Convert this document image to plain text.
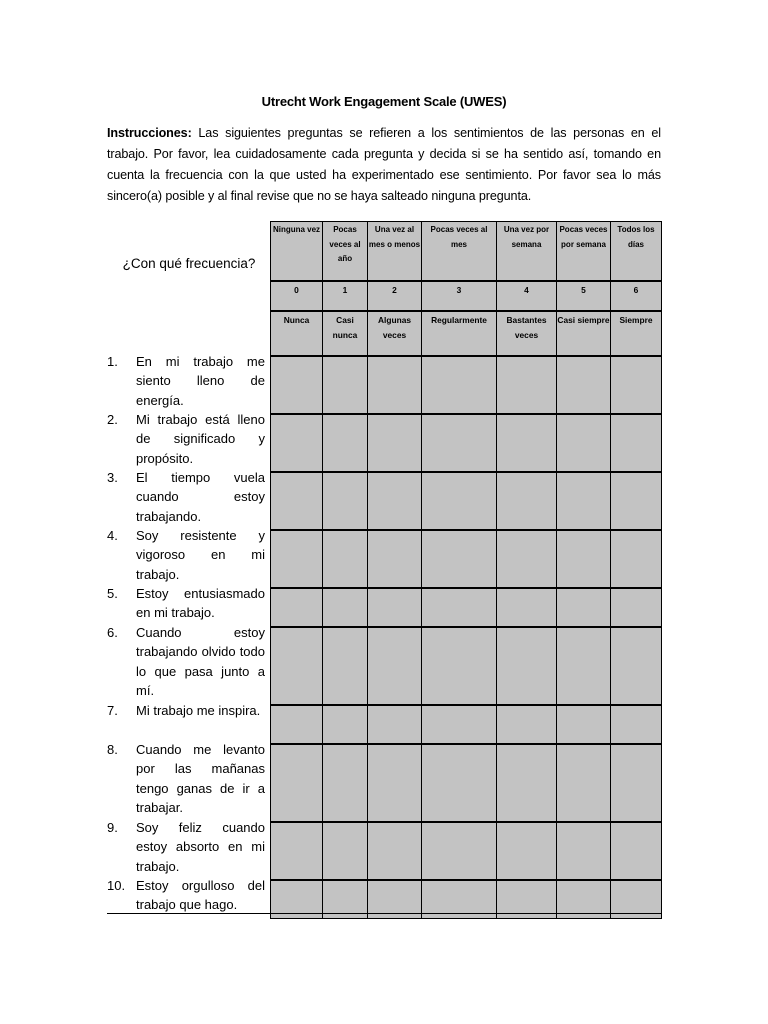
Utrecht Work Engagement Scale (UWES)
Instrucciones: Las siguientes preguntas se refieren a los sentimientos de las personas en el trabajo. Por favor, lea cuidadosamente cada pregunta y decida si se ha sentido así, tomando en cuenta la frecuencia con la que usted ha experimentado ese sentimiento. Por favor sea lo más sincero(a) posible y al final revise que no se haya salteado ninguna pregunta.
¿Con qué frecuencia?
Ninguna vez	Pocas veces al año	Una vez al mes o menos	Pocas veces al mes	Una vez por semana	Pocas veces por semana	Todos los días
0	1	2	3	4	5	6
Nunca	Casi nunca	Algunas veces	Regularmente	Bastantes veces	Casi siempre	Siempre

1.	En mi trabajo me siento lleno de energía.
2.	Mi trabajo está lleno de significado y propósito.
3.	El tiempo vuela cuando estoy trabajando.
4.	Soy resistente y vigoroso en mi trabajo.
5.	Estoy entusiasmado en mi trabajo.
6.	Cuando estoy trabajando olvido todo lo que pasa junto a mí.
7.	Mi trabajo me inspira.
8.	Cuando me levanto por las mañanas tengo ganas de ir a trabajar.
9.	Soy feliz cuando estoy absorto en mi trabajo.
10. Estoy orgulloso del trabajo que hago.
